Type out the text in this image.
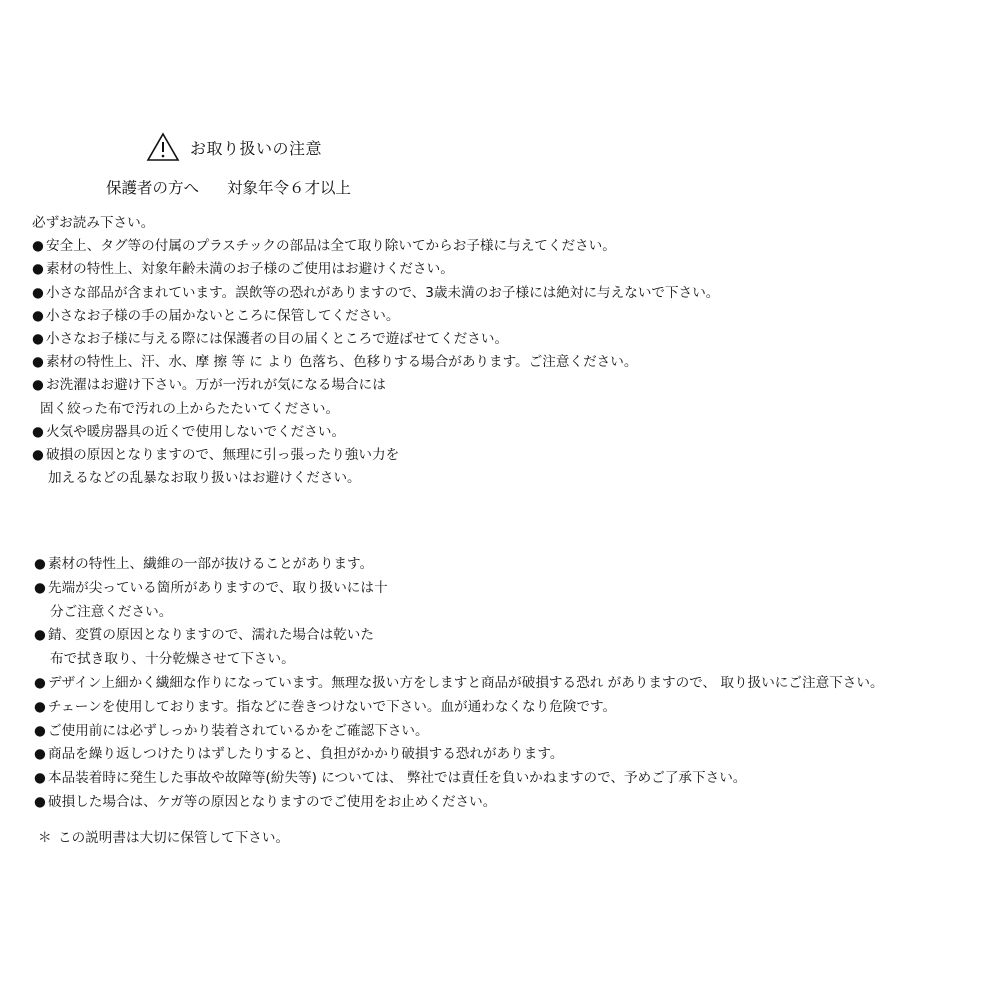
お取り扱いの注意
保護者の方へ 対象年令６才以上
必ずお読み下さい。
● 安全上、タグ等の付属のプラスチックの部品は全て取り除いてからお子様に与えてください。
● 素材の特性上、対象年齢未満のお子様のご使用はお避けください。
● 小さな部品が含まれています。誤飲等の恐れがありますので、3歳未満のお子様には絶対に与えないで下さい。
● 小さなお子様の手の届かないところに保管してください。
● 小さなお子様に与える際には保護者の目の届くところで遊ばせてください。
● 素材の特性上、汗、水、摩 擦 等 に より 色落ち、色移りする場合があります。ご注意ください。
● お洗濯はお避け下さい。万が一汚れが気になる場合には
固く絞った布で汚れの上からたたいてください。
● 火気や暖房器具の近くで使用しないでください。
● 破損の原因となりますので、無理に引っ張ったり強い力を
加えるなどの乱暴なお取り扱いはお避けください。
● 素材の特性上、繊維の一部が抜けることがあります。
● 先端が尖っている箇所がありますので、取り扱いには十
分ご注意ください。
● 錆、変質の原因となりますので、濡れた場合は乾いた
布で拭き取り、十分乾燥させて下さい。
● デザイン上細かく繊細な作りになっています。無理な扱い方をしますと商品が破損する恐れ がありますので、 取り扱いにご注意下さい。
● チェーンを使用しております。指などに巻きつけないで下さい。血が通わなくなり危険です。
● ご使用前には必ずしっかり装着されているかをご確認下さい。
● 商品を繰り返しつけたりはずしたりすると、負担がかかり破損する恐れがあります。
● 本品装着時に発生した事故や故障等(紛失等) については、 弊社では責任を負いかねますので、予めご了承下さい。
● 破損した場合は、ケガ等の原因となりますのでご使用をお止めください。
＊ この説明書は大切に保管して下さい。
